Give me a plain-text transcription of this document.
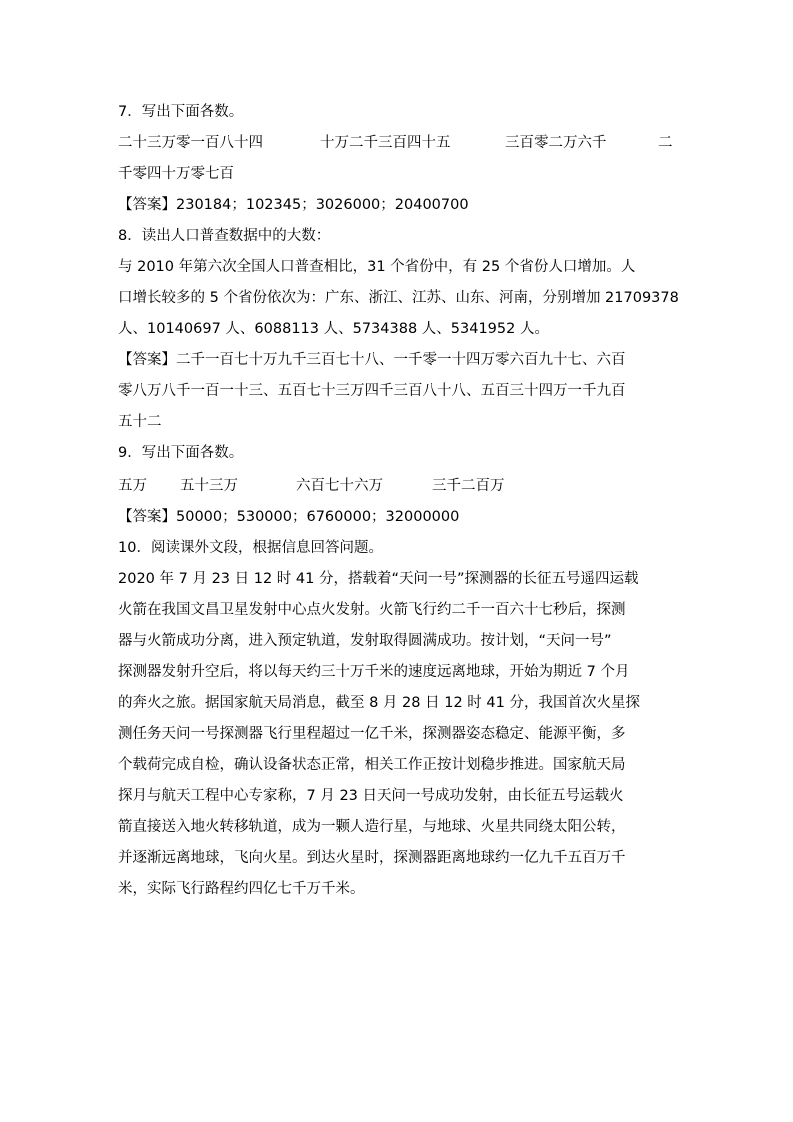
7．写出下面各数。
二十三万零一百八十四	十万二千三百四十五	三百零二万六千	二
千零四十万零七百
【答案】230184；102345；3026000；20400700
8．读出人口普查数据中的大数：
与 2010 年第六次全国人口普查相比，31 个省份中，有 25 个省份人口增加。人
口增长较多的 5 个省份依次为：广东、浙江、江苏、山东、河南，分别增加 21709378
人、10140697 人、6088113 人、5734388 人、5341952 人。
【答案】二千一百七十万九千三百七十八、一千零一十四万零六百九十七、六百
零八万八千一百一十三、五百七十三万四千三百八十八、五百三十四万一千九百
五十二
9．写出下面各数。
五万 五十三万	六百七十六万	三千二百万
【答案】50000；530000；6760000；32000000
10．阅读课外文段，根据信息回答问题。
2020 年 7 月 23 日 12 时 41 分，搭载着“天问一号”探测器的长征五号遥四运载
火箭在我国文昌卫星发射中心点火发射。火箭飞行约二千一百六十七秒后，探测
器与火箭成功分离，进入预定轨道，发射取得圆满成功。按计划，“天问一号”
探测器发射升空后，将以每天约三十万千米的速度远离地球，开始为期近 7 个月
的奔火之旅。据国家航天局消息，截至 8 月 28 日 12 时 41 分，我国首次火星探
测任务天问一号探测器飞行里程超过一亿千米，探测器姿态稳定、能源平衡，多
个载荷完成自检，确认设备状态正常，相关工作正按计划稳步推进。国家航天局
探月与航天工程中心专家称，7 月 23 日天问一号成功发射，由长征五号运载火
箭直接送入地火转移轨道，成为一颗人造行星，与地球、火星共同绕太阳公转，
并逐渐远离地球，飞向火星。到达火星时，探测器距离地球约一亿九千五百万千
米，实际飞行路程约四亿七千万千米。
